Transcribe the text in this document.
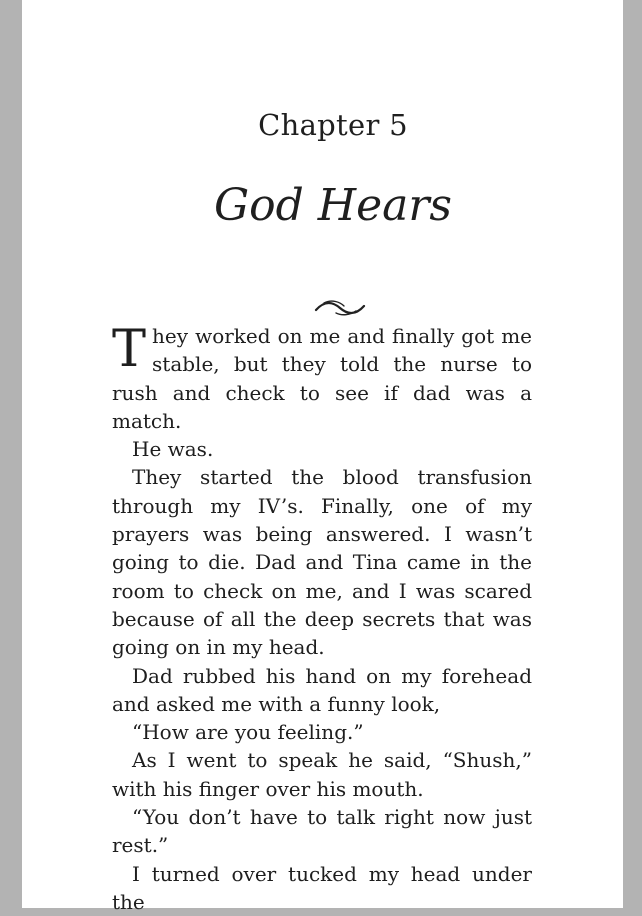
Chapter 5
God Hears

They worked on me and finally got me stable, but they told the nurse to rush and check to see if dad was a match.

He was.

They started the blood transfusion through my IV’s. Finally, one of my prayers was being answered. I wasn’t going to die. Dad and Tina came in the room to check on me, and I was scared because of all the deep secrets that was going on in my head.

Dad rubbed his hand on my forehead and asked me with a funny look,

“How are you feeling.”

As I went to speak he said, “Shush,” with his finger over his mouth.

“You don’t have to talk right now just rest.”

I turned over tucked my head under the
